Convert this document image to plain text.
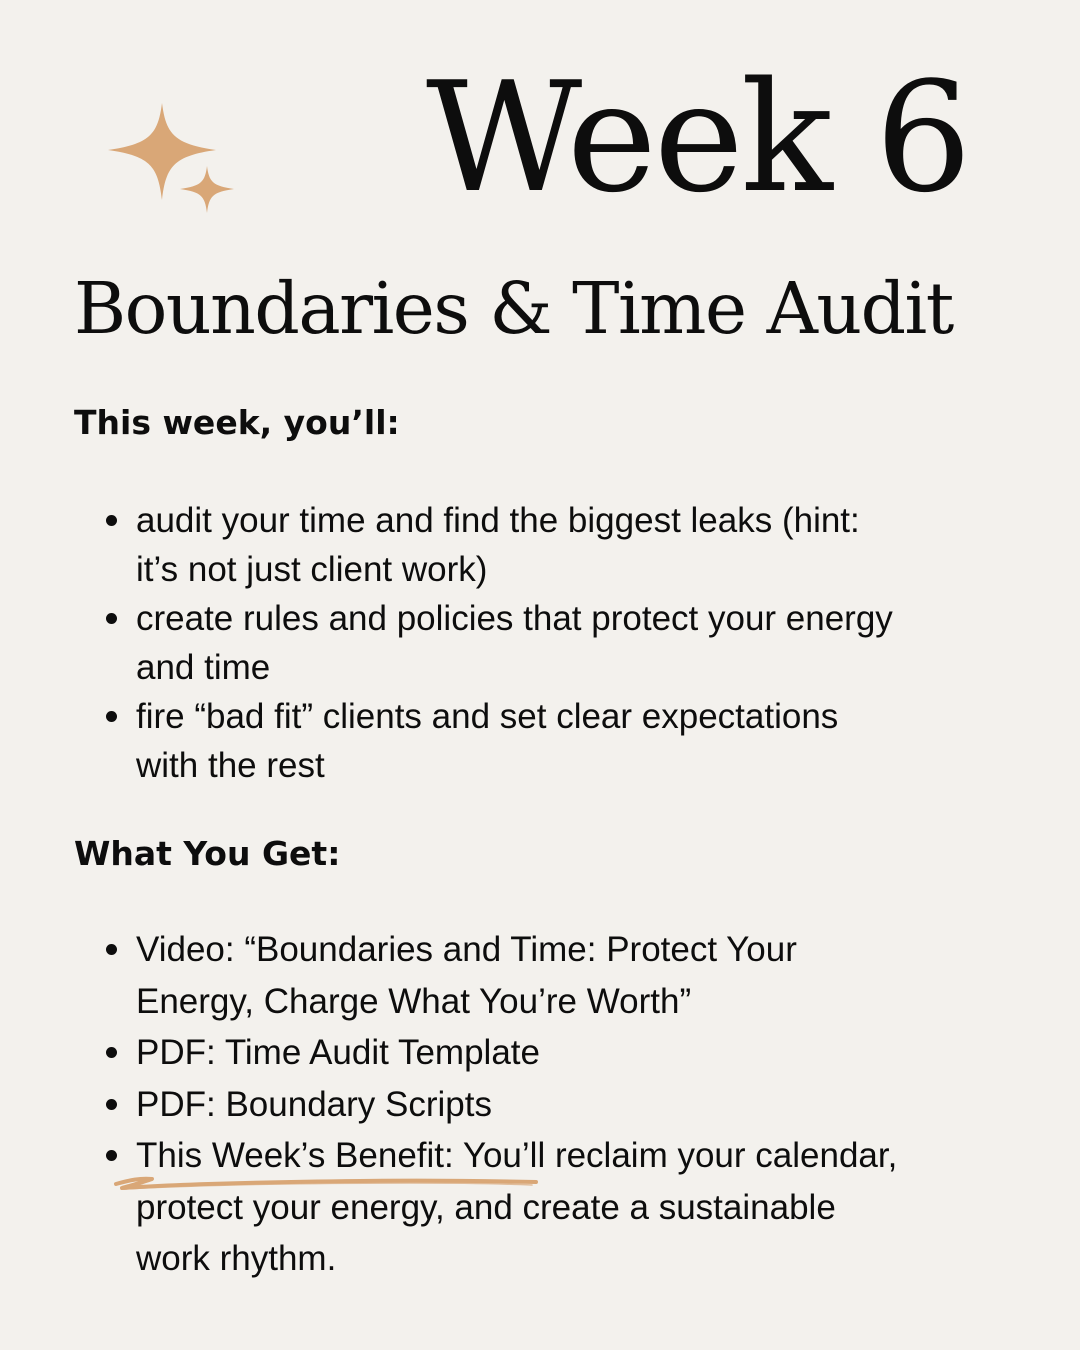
Week 6
Boundaries & Time Audit
This week, you’ll:
audit your time and find the biggest leaks (hint:
it’s not just client work)
create rules and policies that protect your energy
and time
fire “bad fit” clients and set clear expectations
with the rest
What You Get:
Video: “Boundaries and Time: Protect Your
Energy, Charge What You’re Worth”
PDF: Time Audit Template
PDF: Boundary Scripts
This Week’s Benefit: You’ll reclaim your calendar,
protect your energy, and create a sustainable
work rhythm.
